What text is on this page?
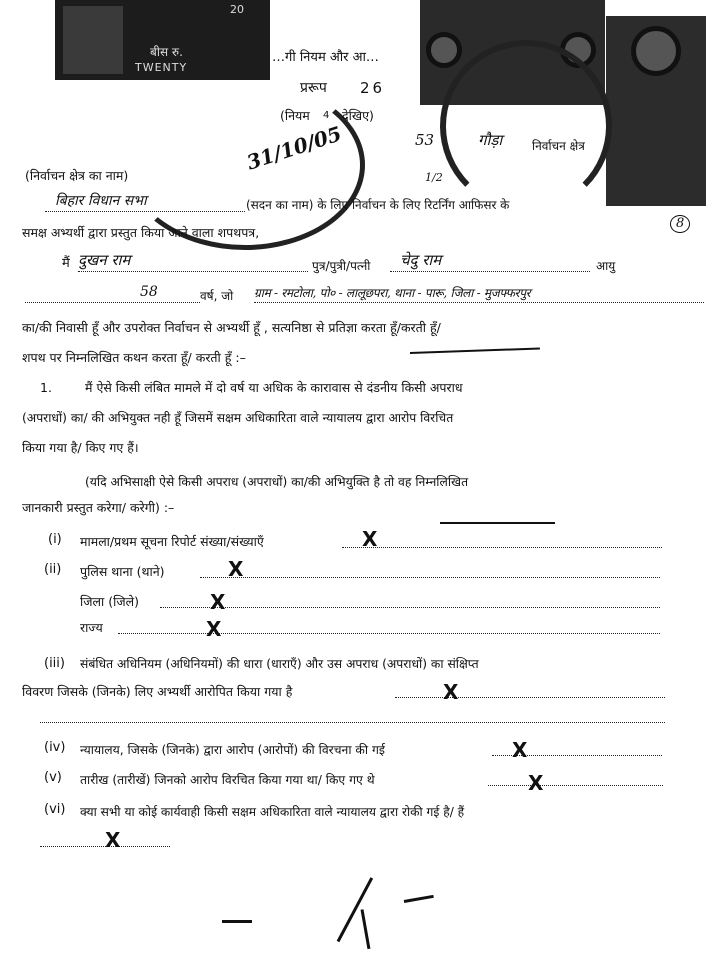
20
बीस रु.
TWENTY
31/10/05
…गी नियम और आ…
प्ररूप 26
(नियम 4 देखिए)
53	गौड़ा निर्वाचन क्षेत्र
1/2
(निर्वाचन क्षेत्र का नाम)
बिहार विधान सभा	(सदन का नाम) के लिए निर्वाचन के लिए रिटर्निंग आफिसर के
8
समक्ष अभ्यर्थी द्वारा प्रस्तुत किया जाने वाला शपथपत्र,
मैं दुखन राम	पुत्र/पुत्री/पत्नी चेदु राम	आयु
58	वर्ष, जो ग्राम - रमटोला, पो० - लालूछपरा, थाना - पारू, जिला - मुजफ्फरपुर
का/की निवासी हूँ और उपरोक्त निर्वाचन से अभ्यर्थी हूँ , सत्यनिष्ठा से प्रतिज्ञा करता हूँ/करती हूँ/
शपथ पर निम्नलिखित कथन करता हूँ/ करती हूँ :–
1.	मैं ऐसे किसी लंबित मामले में दो वर्ष या अधिक के कारावास से दंडनीय किसी अपराध
(अपराधों) का/ की अभियुक्त नही हूँ जिसमें सक्षम अधिकारिता वाले न्यायालय द्वारा आरोप विरचित
किया गया है/ किए गए हैं।
(यदि अभिसाक्षी ऐसे किसी अपराध (अपराधों) का/की अभियुक्ति है तो वह निम्नलिखित
जानकारी प्रस्तुत करेगा/ करेगी) :–
(i) मामला/प्रथम सूचना रिपोर्ट संख्या/संख्याएँ	X
(ii) पुलिस थाना (थाने)	X
जिला (जिले)	X
राज्य	X
(iii) संबंधित अधिनियम (अधिनियमों) की धारा (धाराएँ) और उस अपराध (अपराधों) का संक्षिप्त
विवरण जिसके (जिनके) लिए अभ्यर्थी आरोपित किया गया है	X
(iv) न्यायालय, जिसके (जिनके) द्वारा आरोप (आरोपों) की विरचना की गई	X
(v) तारीख (तारीखें) जिनको आरोप विरचित किया गया था/ किए गए थे	X
(vi) क्या सभी या कोई कार्यवाही किसी सक्षम अधिकारिता वाले न्यायालय द्वारा रोकी गई है/ हैं
X
